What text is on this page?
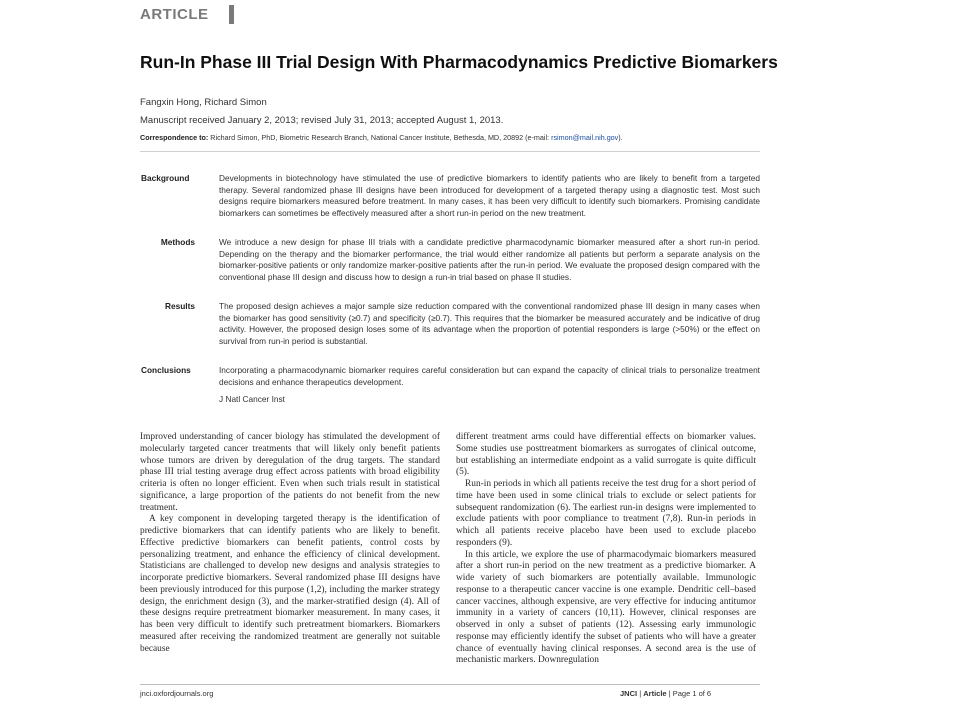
ARTICLE
Run-In Phase III Trial Design With Pharmacodynamics Predictive Biomarkers
Fangxin Hong, Richard Simon
Manuscript received January 2, 2013; revised July 31, 2013; accepted August 1, 2013.
Correspondence to: Richard Simon, PhD, Biometric Research Branch, National Cancer Institute, Bethesda, MD, 20892 (e-mail: rsimon@mail.nih.gov).
Background	Developments in biotechnology have stimulated the use of predictive biomarkers to identify patients who are likely to benefit from a targeted therapy. Several randomized phase III designs have been introduced for development of a targeted therapy using a diagnostic test. Most such designs require biomarkers measured before treatment. In many cases, it has been very difficult to identify such biomarkers. Promising candidate biomarkers can sometimes be effectively measured after a short run-in period on the new treatment.
Methods	We introduce a new design for phase III trials with a candidate predictive pharmacodynamic biomarker measured after a short run-in period. Depending on the therapy and the biomarker performance, the trial would either randomize all patients but perform a separate analysis on the biomarker-positive patients or only randomize marker-positive patients after the run-in period. We evaluate the proposed design compared with the conventional phase III design and discuss how to design a run-in trial based on phase II studies.
Results	The proposed design achieves a major sample size reduction compared with the conventional randomized phase III design in many cases when the biomarker has good sensitivity (≥0.7) and specificity (≥0.7). This requires that the biomarker be measured accurately and be indicative of drug activity. However, the proposed design loses some of its advantage when the proportion of potential responders is large (>50%) or the effect on survival from run-in period is substantial.
Conclusions	Incorporating a pharmacodynamic biomarker requires careful consideration but can expand the capacity of clinical trials to personalize treatment decisions and enhance therapeutics development.
J Natl Cancer Inst

Improved understanding of cancer biology has stimulated the development of molecularly targeted cancer treatments that will likely only benefit patients whose tumors are driven by deregulation of the drug targets. The standard phase III trial testing average drug effect across patients with broad eligibility criteria is often no longer efficient. Even when such trials result in statistical significance, a large proportion of the patients do not benefit from the new treatment.

A key component in developing targeted therapy is the identification of predictive biomarkers that can identify patients who are likely to benefit. Effective predictive biomarkers can benefit patients, control costs by personalizing treatment, and enhance the efficiency of clinical development. Statisticians are challenged to develop new designs and analysis strategies to incorporate predictive biomarkers. Several randomized phase III designs have been previously introduced for this purpose (1,2), including the marker strategy design, the enrichment design (3), and the marker-stratified design (4). All of these designs require pretreatment biomarker measurement. In many cases, it has been very difficult to identify such pretreatment biomarkers. Biomarkers measured after receiving the randomized treatment are generally not suitable because

different treatment arms could have differential effects on biomarker values. Some studies use posttreatment biomarkers as surrogates of clinical outcome, but establishing an intermediate endpoint as a valid surrogate is quite difficult (5).

Run-in periods in which all patients receive the test drug for a short period of time have been used in some clinical trials to exclude or select patients for subsequent randomization (6). The earliest run-in designs were implemented to exclude patients with poor compliance to treatment (7,8). Run-in periods in which all patients receive placebo have been used to exclude placebo responders (9).

In this article, we explore the use of pharmacodymaic biomarkers measured after a short run-in period on the new treatment as a predictive biomarker. A wide variety of such biomarkers are potentially available. Immunologic response to a therapeutic cancer vaccine is one example. Dendritic cell–based cancer vaccines, although expensive, are very effective for inducing antitumor immunity in a variety of cancers (10,11). However, clinical responses are observed in only a subset of patients (12). Assessing early immunologic response may efficiently identify the subset of patients who will have a greater chance of eventually having clinical responses. A second area is the use of mechanistic markers. Downregulation

jnci.oxfordjournals.org	JNCI | Article | Page 1 of 6
